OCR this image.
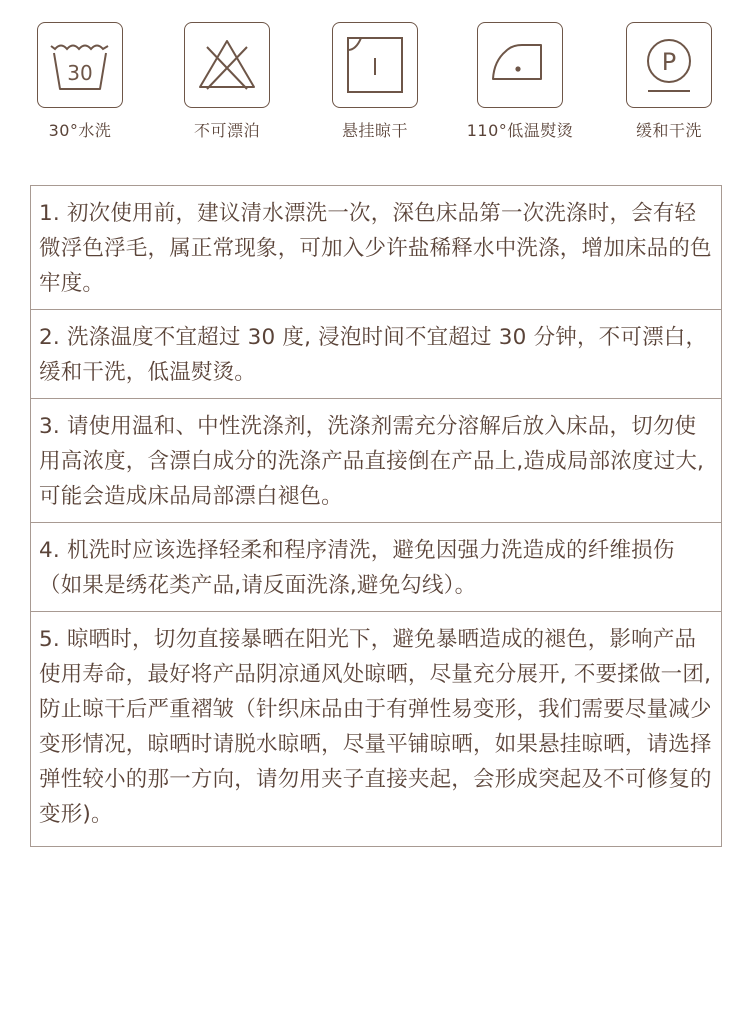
30
30°水洗	不可漂泊	悬挂晾干	110°低温熨烫
P
缓和干洗
1. 初次使用前，建议清水漂洗一次，深色床品第一次洗涤时，会有轻微浮色浮毛，属正常现象，可加入少许盐稀释水中洗涤，增加床品的色牢度。
2. 洗涤温度不宜超过 30 度, 浸泡时间不宜超过 30 分钟，不可漂白，缓和干洗，低温熨烫。
3. 请使用温和、中性洗涤剂，洗涤剂需充分溶解后放入床品，切勿使用高浓度，含漂白成分的洗涤产品直接倒在产品上,造成局部浓度过大,可能会造成床品局部漂白褪色。
4. 机洗时应该选择轻柔和程序清洗，避免因强力洗造成的纤维损伤（如果是绣花类产品,请反面洗涤,避免勾线）。
5. 晾晒时，切勿直接暴晒在阳光下，避免暴晒造成的褪色，影响产品使用寿命，最好将产品阴凉通风处晾晒，尽量充分展开, 不要揉做一团, 防止晾干后严重褶皱（针织床品由于有弹性易变形，我们需要尽量减少变形情况，晾晒时请脱水晾晒，尽量平铺晾晒，如果悬挂晾晒，请选择弹性较小的那一方向，请勿用夹子直接夹起，会形成突起及不可修复的变形)。
